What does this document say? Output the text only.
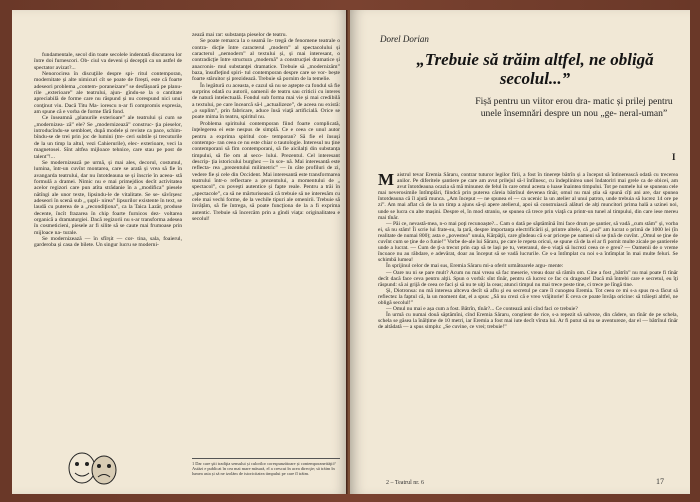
fundamentale, secol din toate secolele indentată discutarea lor între doi furnescori. Ob- ciul va deveni și decepţii ca un astfel de spectator avizat?...

Nenorocirea în discuţiile despre spi- ritul contemporan, modernitate și alte nimicuri cît se poate de firești, este că foarte adeseori problema „contem- poraneizare” se desfășoară pe planu- rile „exterioare” ale teatrului, ajun- gîndu-se la o cantitate apreciabilă de forme care nu răspund și nu corespund nici unui conţinut viu. Dacă Titu Ma- iorescu n-ar fi compromis expresia, am spune că e vorba de forme fără fond.

Ce înseamnă „planurile exterioare” ale teatrului și cum se „modernizea- ză” ele? Se „modernizează” construc- ţia pieselor, introducîndu-se sembloet, după modele și reviste ca pace, schim- bîndu-se de trei prin joc de lumini (tre- ceri subtile și trecuturile de la un timp la altul, vezi Cahierurile), elec- exterioare, veci la magnetosei. Sînt altfea mijloace tehnice, care stau pe post de talent”!...

Se modernizează pe urmă, și mai ales, decorul, costumul, lumina, într-un cuvînt montarea, care se arată și vrea să fie în avangarda teatrului, dar nu întotdeauna se și înscrie în aceea- stă formulă a dramei. Nimic nu e mai primejdios decît activitatea acelor regizori care pun atîta strădanie în a „modifica” piesele nătîngi ale unor texte, lipsindu-le de vitalitate. Se se- săvîrșesc adeseori în scenă sub „ șupli- nirea” lipsurilor existente în text, se laudă cu puterea de a „recondiţiona”, ca la Taica Lazăr, produse decente, încît frazarea în chip foarte furnicos dez- voltarea organică a dramaturgiei. Dacă regizorii nu s-ar transforma adesea în cosmeticieni, piesele ar fi silite să se caute mai frumoase prin mijloace na- turale.

Se modernizează — în sfîrșit — cor- tina, sala, foaierul, garderoba și casa de bilete. Un singur lucru se moderni-

zează mai rar: substanța pieselor de teatru.

Se poate remarca la o seamă în- tregă de fenomene teatrale o contra- dicţie între caracterul „modern” al spectacolului și caracterul „nemodern” al textului și, și mai interesant, o contradicţie între structura „modernă” a construcţiei dramatice și anacronis- mul substanţei dramatice. Trebuie să „modernizăm” baza, însufleţind spiri- tul contemporan despre care se vor- bește foarte stăruitor și prezidează. Trebuie să pornim de la temelie.

În legătură cu aceasta, e cazul să nu se aştepte ca fondul să fie surprins odată cu autorii, oamenii de teatru sau criticii cu interes de natură intelectuală. Fondul sub forma mai vie și mai credibilă a textului, pe care încearcă să-l „actualizeze”, de aceea nu există: „o suplim”, prin fabricare, aduce însă viaţă artificială. Orice se poate mima în teatru, spiritul nu.

Problema spiritului contemporan fiind foarte complicată, înţelegerea ei este nespus de simplă. Ce e ceea ce unul autor pentru a exprima spiritul con- temporan? Să fie el însuși contempo- ran ceea ce nu este chiar o tautologie. Interesul nu ţine contemporani să fim contemporani, să fie aicilalți din substanța timpului, să fie om al seco- lului. Prezentul. Cel interesant descrip- ţia istoricului burghez — în sce- nă. Mai interesantă este reflecta- rea „prezentului milimetric” — în câte profiluri de zi, vedere fie și cele din Occident. Mai interesantă este transformarea teatrului într-o reflectare a prezentului, a momentului de „ spectacol”, cu poveşti autentice și fapte reale. Pentru a trăi în „spectacole”, ca să ne mărturisească că trebuie să ne interesăm cu cele mai vechi forme, de la vechile tipuri ale omenirii. Trebuie să învățăm, să fie întrega, să poate funcţiona de la a fi exprima autentic. Trebuie să încercăm prin a gîndi viaţa: originalitatea e secolul!

1 Dar care ştii tradiţia sensului și culorilor corespunzătoare și contemporaneităţii? Astăzi e publicat în cea mai mare măsură, el a crescut în acea direcţie; să trăim în lumea asta și să ne izolăm de istoricitatea timpului pe care îl trăim.
Dorel Dorian
„Trebuie să trăim altfel, ne obligă secolul...”
Fișă pentru un viitor erou dra- matic și prilej pentru unele însemnări despre un nou „ge- neral-uman”
I

Maistrul tevar Eremia Săraru, contrar tuturor legilor firii, a fost în tinerețe bătrîn și a început să întinerească odată cu trecerea anilor. Pe diferitele șantiere pe care am avut prilejul să-l întîlnesc, cu îndeplinirea unei îndatoriri mai grele ca de obicei, am avut întotdeauna ocazia să mă minunez de felul în care omul acesta o luase înaintea timpului. Tot pe numele lui se spuneau cele mai neverosimile întîmplări, fiindcă prin puterea căreia bătrînul devenea tînăr, omul nu mai știa să spună cîți ani are, dar spunea întotdeauna că îl ajută munca. „Am început — ne spunea el — ca ucenic la un atelier al unui patron, unde trebuia să lucrez 14 ore pe zi”. Am mai aflat că de la un timp a ajuns să-și apere atelierul, apoi să construiască alături de alți muncitori prima hală a uzinei noi, unde se lucra cu alte mașini. Despre el, în mod straniu, se spunea că trece prin viaţă ca printr-un tunel al timpului, din care iese mereu mai tînăr.

— Păi ce, nevastă-mea, n-o mai poţi recunoaște?... Cam o dată pe săptămînă îmi face drum pe șantier, să vadă „cum stăm” și, vorba ei, să nu stăm! Îi scrie lui frate-su, la țară, despre importanţa electrificării și, printre altele, că „noi” am lucrat o primă de 1000 lei (în realitate de numai 800); asta e „povestea” unuia, Kărpăţii, care gîndeau că s-ar pricepe pe oameni să se țină de cuvînt. „Omul se ţine de cuvînt cum se ţine de o funie!” Vorbe de-ale lui Săraru, pe care le repeta oricui, se spune că de la el ar fi pornit multe zicale pe șantierele unde a lucrat. — Cum de ţi-a trecut prin cap să te lași pe tu, veteranul, de-o viaţă să lucrezi ceea ce e greu? — Oamenii de o vreme încoace nu au răbdare, e adevărat, doar au început să se vadă lucrurile. Ce s-a întîmplat cu noi s-a întîmplat în mai multe feluri. Se schimbă lumea!

În sprijinul celor de mai sus, Eremia Săraru mi-a oferit următoarele argu- mente:

— Oare nu ni se pare mult? Acum nu mai vreau să fac meserie, vreau doar să rămîn om. Cine a fost „bătrîn” nu mai poate fi tînăr decît dacă face ceva pentru alţii. Spun o vorbă: sînt tînăr, pentru că lucrez ce fac cu dragoste! Dacă mă întrebi care e secretul, eu îţi răspund: să ai grijă de ceea ce faci şi să nu te uiţi la ceas; atunci timpul nu mai trece peste tine, ci trece pe lîngă tine.

Și, Diotronsa: nu mă interesa altceva decît să aflu şi eu secretul pe care îl cunoştea Eremia. Tot ceea ce mi s-a spus m-a făcut să reflectez la faptul că, la un moment dat, el a spus: „Să nu crezi că e vreo vrăjitorie! E ceva ce poate învăţa oricine: să trăieşti altfel, ne obligă secolul!”

— Omul nu mai e așa cum a fost. Bătrîn, tînăr?... Ce contează anii cînd faci ce trebuie?

În urmă cu numai două săptămîni, cînd Eremia Săraru, conștient de rice, s-a repezit să salveze, din cădere, un tînăr de pe schela, schela se găsea la înălțime de 10 metri, iar Eremia a fost mai iute decît vîrsta lui. Ar fi putut să nu se aventureze, dar el — bătrînul tînăr de altădată — a spus simplu: „Se cuvine, ce vrei; trebuie!”

2 – Teatrul nr. 6	17
